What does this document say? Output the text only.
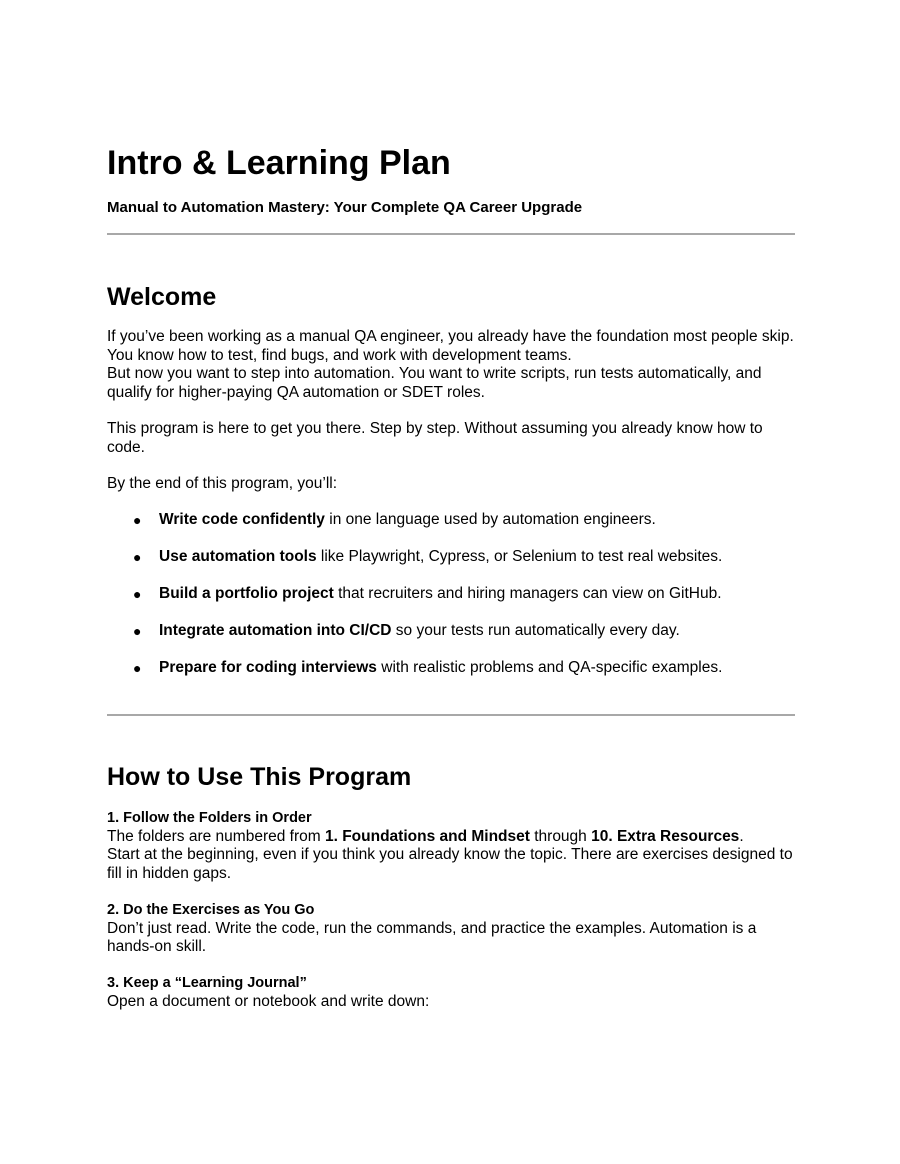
Intro & Learning Plan
Manual to Automation Mastery: Your Complete QA Career Upgrade
Welcome
If you’ve been working as a manual QA engineer, you already have the foundation most people skip. You know how to test, find bugs, and work with development teams.
But now you want to step into automation. You want to write scripts, run tests automatically, and qualify for higher-paying QA automation or SDET roles.
This program is here to get you there. Step by step. Without assuming you already know how to code.
By the end of this program, you’ll:
● Write code confidently in one language used by automation engineers.
● Use automation tools like Playwright, Cypress, or Selenium to test real websites.
● Build a portfolio project that recruiters and hiring managers can view on GitHub.
● Integrate automation into CI/CD so your tests run automatically every day.
● Prepare for coding interviews with realistic problems and QA-specific examples.
How to Use This Program
1. Follow the Folders in Order
The folders are numbered from 1. Foundations and Mindset through 10. Extra Resources.
Start at the beginning, even if you think you already know the topic. There are exercises designed to fill in hidden gaps.
2. Do the Exercises as You Go
Don’t just read. Write the code, run the commands, and practice the examples. Automation is a hands-on skill.
3. Keep a “Learning Journal”
Open a document or notebook and write down:
